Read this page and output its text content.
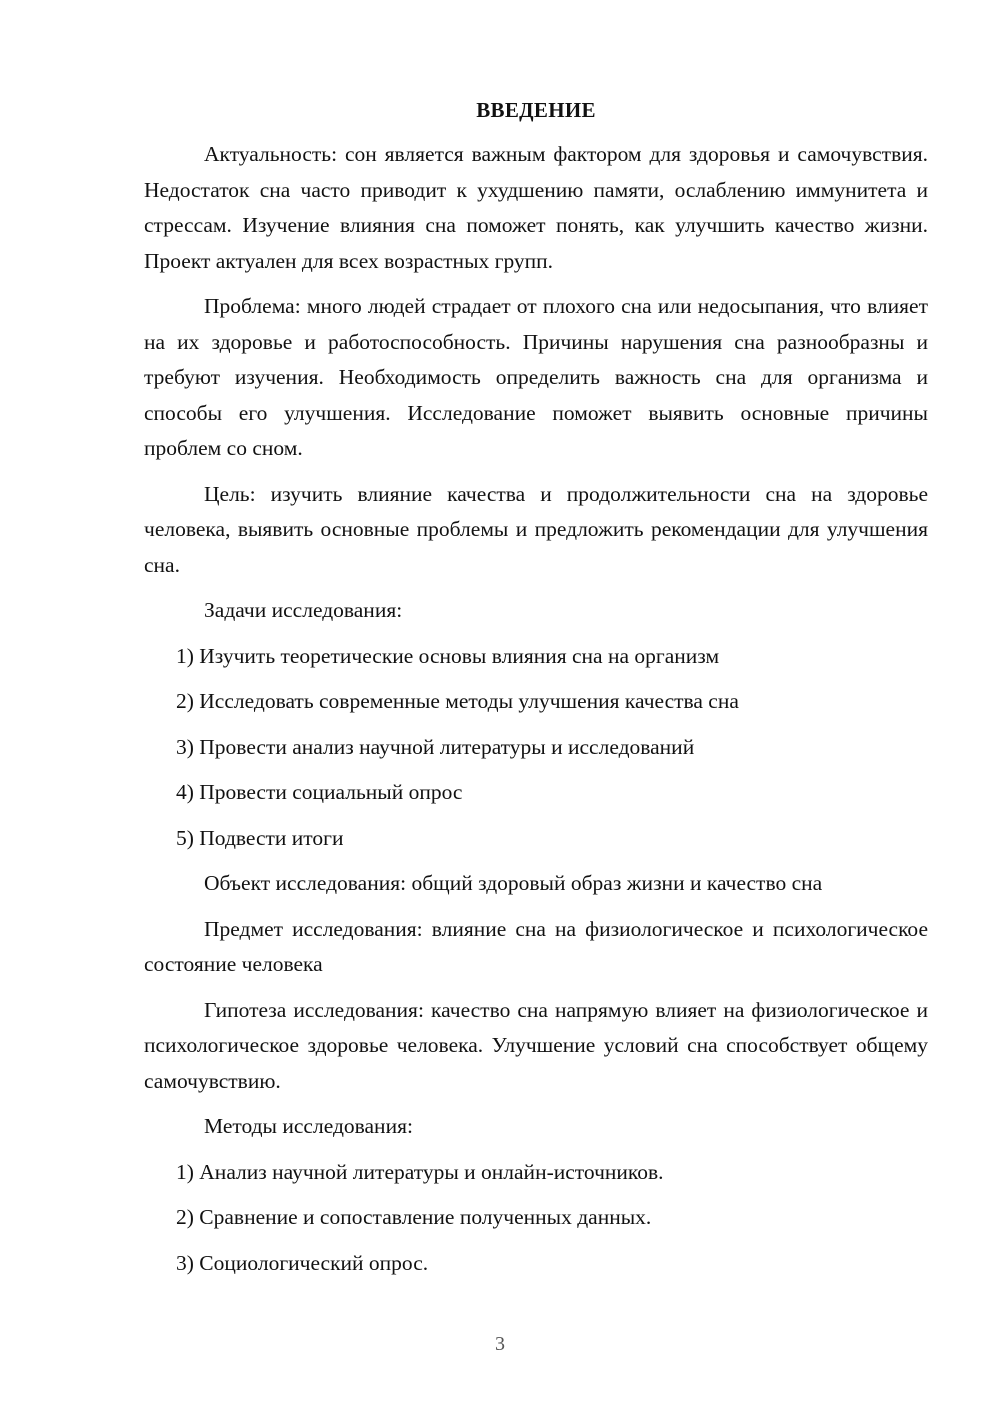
ВВЕДЕНИЕ

Актуальность: сон является важным фактором для здоровья и самочувствия. Недостаток сна часто приводит к ухудшению памяти, ослаблению иммунитета и стрессам. Изучение влияния сна поможет понять, как улучшить качество жизни. Проект актуален для всех возрастных групп.

Проблема: много людей страдает от плохого сна или недосыпания, что влияет на их здоровье и работоспособность. Причины нарушения сна разнообразны и требуют изучения. Необходимость определить важность сна для организма и способы его улучшения. Исследование поможет выявить основные причины проблем со сном.

Цель: изучить влияние качества и продолжительности сна на здоровье человека, выявить основные проблемы и предложить рекомендации для улучшения сна.

Задачи исследования:

1) Изучить теоретические основы влияния сна на организм

2) Исследовать современные методы улучшения качества сна

3) Провести анализ научной литературы и исследований

4) Провести социальный опрос

5) Подвести итоги

Объект исследования: общий здоровый образ жизни и качество сна

Предмет исследования: влияние сна на физиологическое и психологическое состояние человека

Гипотеза исследования: качество сна напрямую влияет на физиологическое и психологическое здоровье человека. Улучшение условий сна способствует общему самочувствию.

Методы исследования:

1) Анализ научной литературы и онлайн-источников.

2) Сравнение и сопоставление полученных данных.

3) Социологический опрос.

3
